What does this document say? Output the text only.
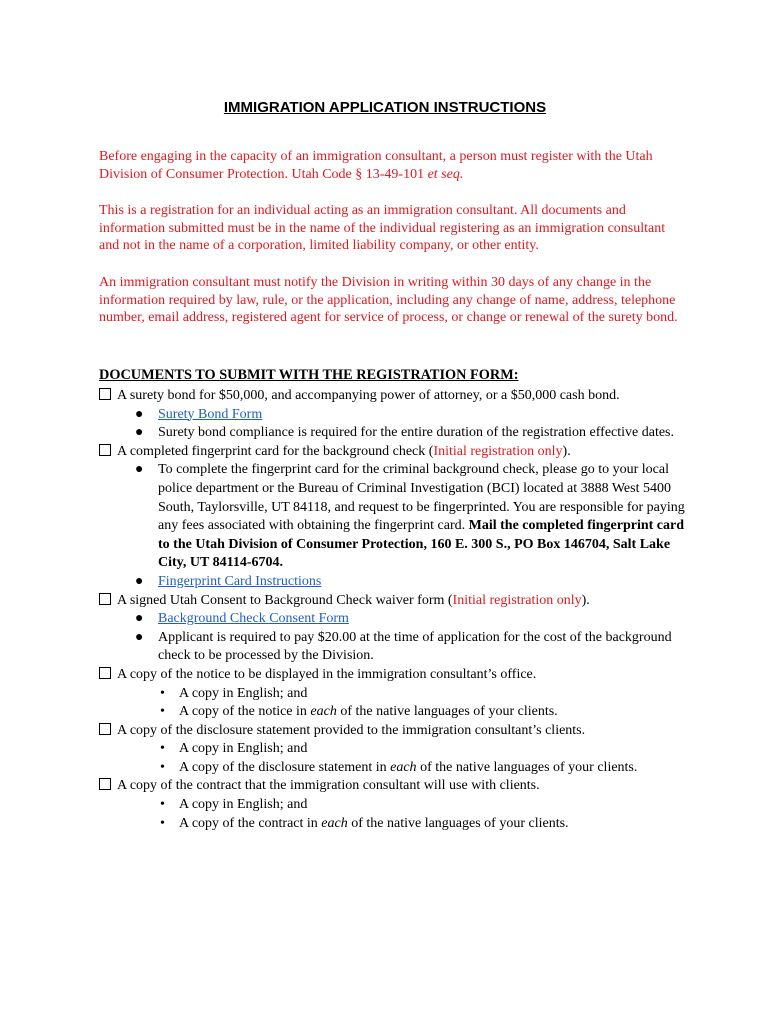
IMMIGRATION APPLICATION INSTRUCTIONS
Before engaging in the capacity of an immigration consultant, a person must register with the Utah Division of Consumer Protection. Utah Code § 13-49-101 et seq.
This is a registration for an individual acting as an immigration consultant. All documents and information submitted must be in the name of the individual registering as an immigration consultant and not in the name of a corporation, limited liability company, or other entity.
An immigration consultant must notify the Division in writing within 30 days of any change in the information required by law, rule, or the application, including any change of name, address, telephone number, email address, registered agent for service of process, or change or renewal of the surety bond.
DOCUMENTS TO SUBMIT WITH THE REGISTRATION FORM:

A surety bond for $50,000, and accompanying power of attorney, or a $50,000 cash bond.

● Surety Bond Form

● Surety bond compliance is required for the entire duration of the registration effective dates.

A completed fingerprint card for the background check (Initial registration only).

● To complete the fingerprint card for the criminal background check, please go to your local police department or the Bureau of Criminal Investigation (BCI) located at 3888 West 5400 South, Taylorsville, UT 84118, and request to be fingerprinted. You are responsible for paying any fees associated with obtaining the fingerprint card. Mail the completed fingerprint card to the Utah Division of Consumer Protection, 160 E. 300 S., PO Box 146704, Salt Lake City, UT 84114-6704.

● Fingerprint Card Instructions

A signed Utah Consent to Background Check waiver form (Initial registration only).

● Background Check Consent Form

● Applicant is required to pay $20.00 at the time of application for the cost of the background check to be processed by the Division.

A copy of the notice to be displayed in the immigration consultant’s office.

• A copy in English; and

• A copy of the notice in each of the native languages of your clients.

A copy of the disclosure statement provided to the immigration consultant’s clients.

• A copy in English; and

• A copy of the disclosure statement in each of the native languages of your clients.

A copy of the contract that the immigration consultant will use with clients.

• A copy in English; and

• A copy of the contract in each of the native languages of your clients.
